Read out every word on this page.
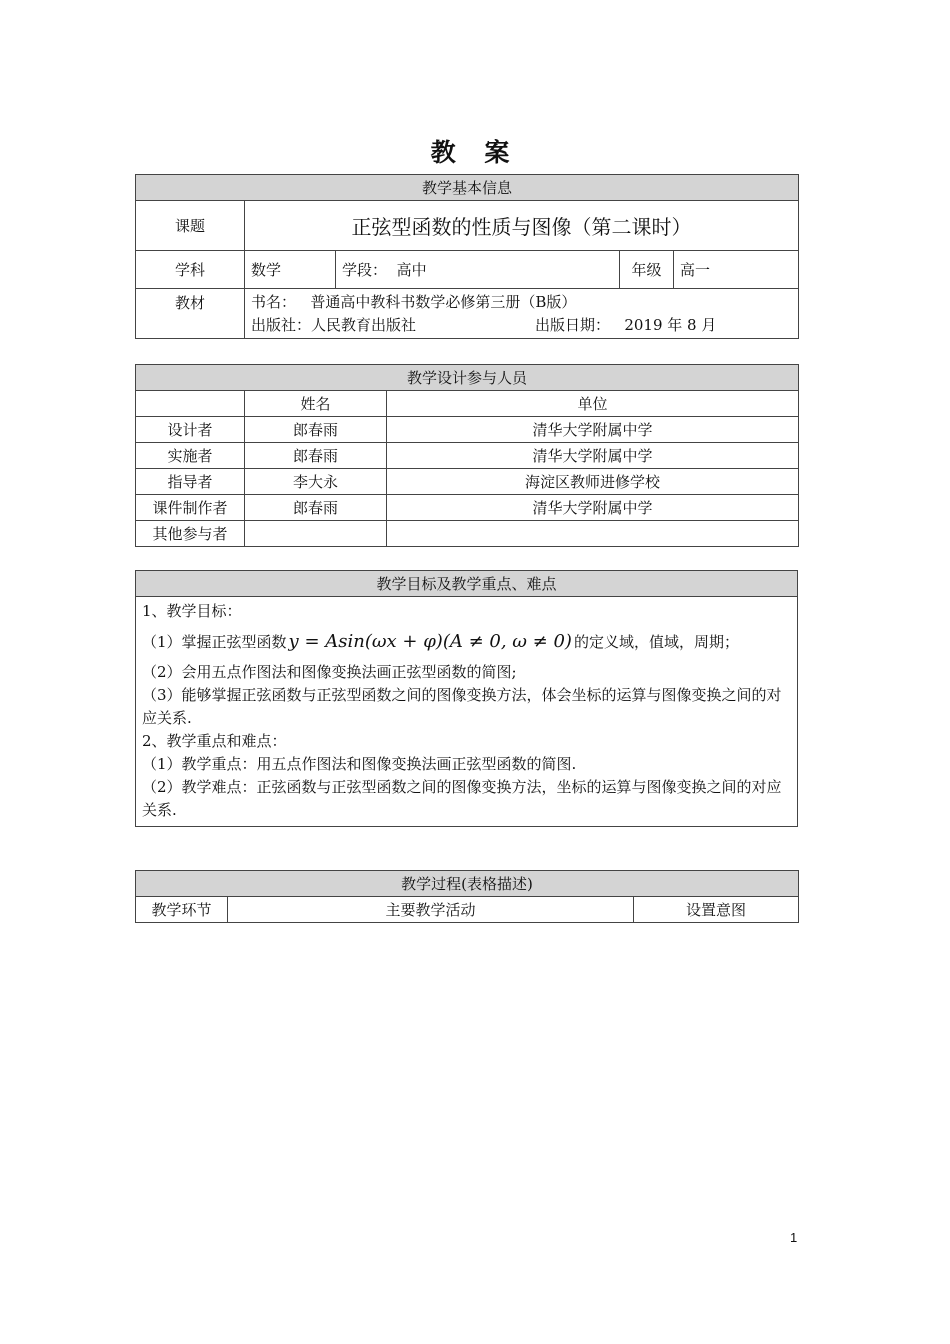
教 案
教学基本信息				
课题	正弦型函数的性质与图像（第二课时）			
学科	数学	学段： 高中	年级	高一
教材	书名： 普通高中教科书数学必修第三册（B版）
出版社：人民教育出版社 出版日期： 2019 年 8 月			
教学设计参与人员		
	姓名	单位
设计者	郎春雨	清华大学附属中学
实施者	郎春雨	清华大学附属中学
指导者	李大永	海淀区教师进修学校
课件制作者	郎春雨	清华大学附属中学
其他参与者		
教学目标及教学重点、难点

1、教学目标：
（1）掌握正弦型函数 y = Asin(ωx + φ)(A ≠ 0, ω ≠ 0) 的定义域，值域，周期；
（2）会用五点作图法和图像变换法画正弦型函数的简图;
（3）能够掌握正弦函数与正弦型函数之间的图像变换方法，体会坐标的运算与图像变换之间的对应关系.
2、教学重点和难点：
（1）教学重点：用五点作图法和图像变换法画正弦型函数的简图.
（2）教学难点：正弦函数与正弦型函数之间的图像变换方法，坐标的运算与图像变换之间的对应关系.
教学过程(表格描述)
教学环节	主要教学活动	设置意图
1
